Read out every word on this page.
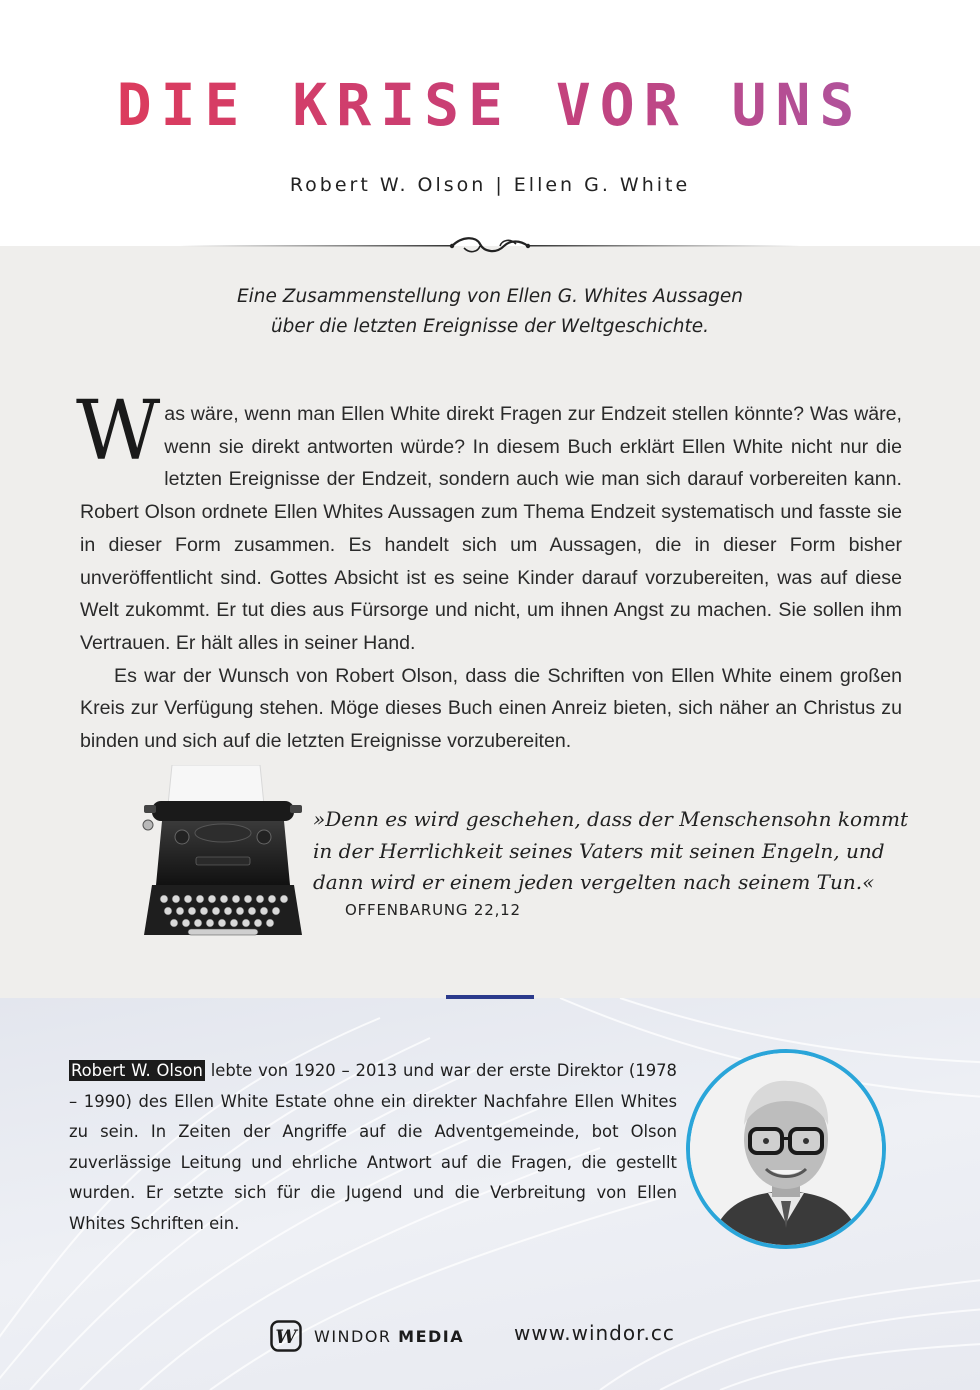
DIE KRISE VOR UNS
Robert W. Olson | Ellen G. White
Eine Zusammenstellung von Ellen G. Whites Aussagen
über die letzten Ereignisse der Weltgeschichte.

Was wäre, wenn man Ellen White direkt Fragen zur Endzeit stellen könnte? Was wäre, wenn sie direkt antworten würde? In diesem Buch erklärt Ellen White nicht nur die letzten Ereignisse der Endzeit, sondern auch wie man sich darauf vorbereiten kann. Robert Olson ordnete Ellen Whites Aussagen zum Thema Endzeit systematisch und fasste sie in dieser Form zusammen. Es handelt sich um Aussagen, die in dieser Form bisher unveröffentlicht sind. Gottes Absicht ist es seine Kinder darauf vorzubereiten, was auf diese Welt zukommt. Er tut dies aus Fürsorge und nicht, um ihnen Angst zu machen. Sie sollen ihm Vertrauen. Er hält alles in seiner Hand.

Es war der Wunsch von Robert Olson, dass die Schriften von Ellen White einem großen Kreis zur Verfügung stehen. Möge dieses Buch einen Anreiz bieten, sich näher an Christus zu binden und sich auf die letzten Ereignisse vorzubereiten.

»Denn es wird geschehen, dass der Menschensohn kommt
in der Herrlichkeit seines Vaters mit seinen Engeln, und
dann wird er einem jeden vergelten nach seinem Tun.«
OFFENBARUNG 22,12

Robert W. Olson lebte von 1920 – 2013 und war der erste Direktor (1978 – 1990) des Ellen White Estate ohne ein direkter Nachfahre Ellen Whites zu sein. In Zeiten der Angriffe auf die Adventgemeinde, bot Olson zuverlässige Leitung und ehrliche Antwort auf die Fragen, die gestellt wurden. Er setzte sich für die Jugend und die Verbreitung von Ellen Whites Schriften ein.

W WINDOR MEDIA www.windor.cc
